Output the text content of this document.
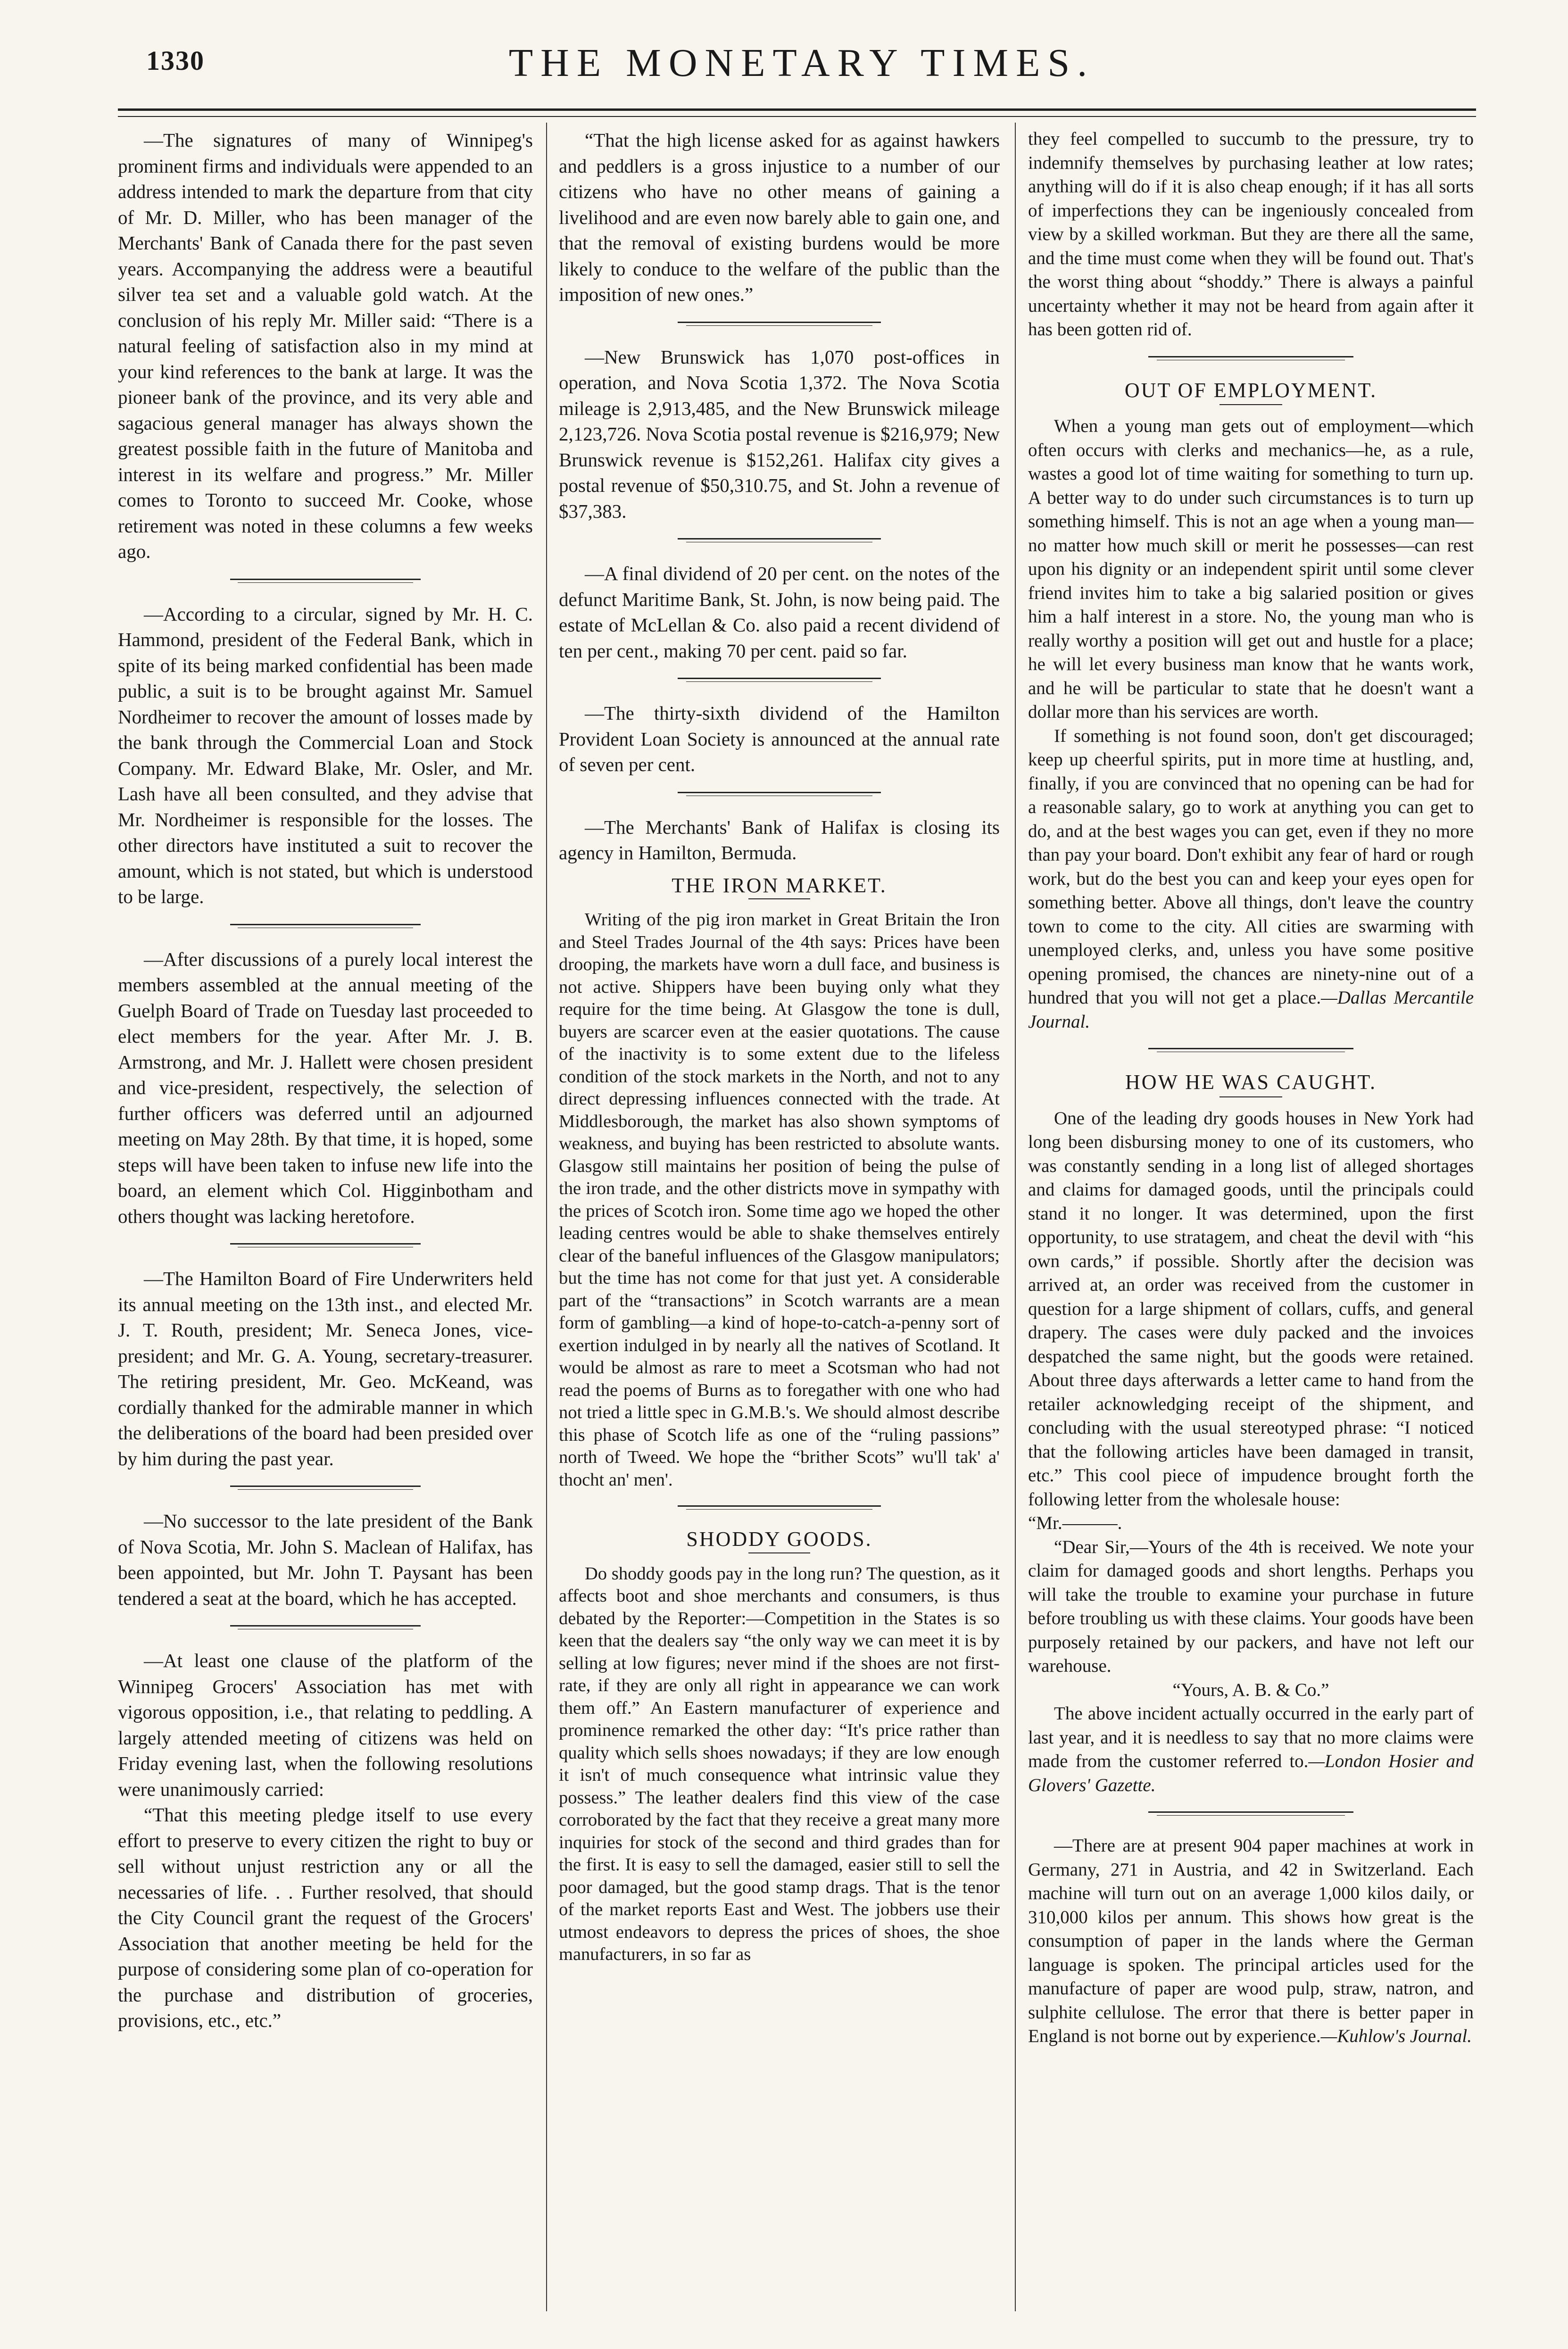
1330	THE MONETARY TIMES.

—The signatures of many of Winnipeg's prominent firms and individuals were appended to an address intended to mark the departure from that city of Mr. D. Miller, who has been manager of the Merchants' Bank of Canada there for the past seven years. Accompanying the address were a beautiful silver tea set and a valuable gold watch. At the conclusion of his reply Mr. Miller said: “There is a natural feeling of satisfaction also in my mind at your kind references to the bank at large. It was the pioneer bank of the province, and its very able and sagacious general manager has always shown the greatest possible faith in the future of Manitoba and interest in its welfare and progress.” Mr. Miller comes to Toronto to succeed Mr. Cooke, whose retirement was noted in these columns a few weeks ago.

—According to a circular, signed by Mr. H. C. Hammond, president of the Federal Bank, which in spite of its being marked confidential has been made public, a suit is to be brought against Mr. Samuel Nordheimer to recover the amount of losses made by the bank through the Commercial Loan and Stock Company. Mr. Edward Blake, Mr. Osler, and Mr. Lash have all been consulted, and they advise that Mr. Nordheimer is responsible for the losses. The other directors have instituted a suit to recover the amount, which is not stated, but which is understood to be large.

—After discussions of a purely local interest the members assembled at the annual meeting of the Guelph Board of Trade on Tuesday last proceeded to elect members for the year. After Mr. J. B. Armstrong, and Mr. J. Hallett were chosen president and vice-president, respectively, the selection of further officers was deferred until an adjourned meeting on May 28th. By that time, it is hoped, some steps will have been taken to infuse new life into the board, an element which Col. Higginbotham and others thought was lacking heretofore.

—The Hamilton Board of Fire Underwriters held its annual meeting on the 13th inst., and elected Mr. J. T. Routh, president; Mr. Seneca Jones, vice-president; and Mr. G. A. Young, secretary-treasurer. The retiring president, Mr. Geo. McKeand, was cordially thanked for the admirable manner in which the deliberations of the board had been presided over by him during the past year.

—No successor to the late president of the Bank of Nova Scotia, Mr. John S. Maclean of Halifax, has been appointed, but Mr. John T. Paysant has been tendered a seat at the board, which he has accepted.

—At least one clause of the platform of the Winnipeg Grocers' Association has met with vigorous opposition, i.e., that relating to peddling. A largely attended meeting of citizens was held on Friday evening last, when the following resolutions were unanimously carried:

“That this meeting pledge itself to use every effort to preserve to every citizen the right to buy or sell without unjust restriction any or all the necessaries of life. . . Further resolved, that should the City Council grant the request of the Grocers' Association that another meeting be held for the purpose of considering some plan of co-operation for the purchase and distribution of groceries, provisions, etc., etc.”

“That the high license asked for as against hawkers and peddlers is a gross injustice to a number of our citizens who have no other means of gaining a livelihood and are even now barely able to gain one, and that the removal of existing burdens would be more likely to conduce to the welfare of the public than the imposition of new ones.”

—New Brunswick has 1,070 post-offices in operation, and Nova Scotia 1,372. The Nova Scotia mileage is 2,913,485, and the New Brunswick mileage 2,123,726. Nova Scotia postal revenue is $216,979; New Brunswick revenue is $152,261. Halifax city gives a postal revenue of $50,310.75, and St. John a revenue of $37,383.

—A final dividend of 20 per cent. on the notes of the defunct Maritime Bank, St. John, is now being paid. The estate of McLellan & Co. also paid a recent dividend of ten per cent., making 70 per cent. paid so far.

—The thirty-sixth dividend of the Hamilton Provident Loan Society is announced at the annual rate of seven per cent.

—The Merchants' Bank of Halifax is closing its agency in Hamilton, Bermuda.

THE IRON MARKET.

Writing of the pig iron market in Great Britain the Iron and Steel Trades Journal of the 4th says: Prices have been drooping, the markets have worn a dull face, and business is not active. Shippers have been buying only what they require for the time being. At Glasgow the tone is dull, buyers are scarcer even at the easier quotations. The cause of the inactivity is to some extent due to the lifeless condition of the stock markets in the North, and not to any direct depressing influences connected with the trade. At Middlesborough, the market has also shown symptoms of weakness, and buying has been restricted to absolute wants. Glasgow still maintains her position of being the pulse of the iron trade, and the other districts move in sympathy with the prices of Scotch iron. Some time ago we hoped the other leading centres would be able to shake themselves entirely clear of the baneful influences of the Glasgow manipulators; but the time has not come for that just yet. A considerable part of the “transactions” in Scotch warrants are a mean form of gambling—a kind of hope-to-catch-a-penny sort of exertion indulged in by nearly all the natives of Scotland. It would be almost as rare to meet a Scotsman who had not read the poems of Burns as to foregather with one who had not tried a little spec in G.M.B.'s. We should almost describe this phase of Scotch life as one of the “ruling passions” north of Tweed. We hope the “brither Scots” wu'll tak' a' thocht an' men'.

SHODDY GOODS.

Do shoddy goods pay in the long run? The question, as it affects boot and shoe merchants and consumers, is thus debated by the Reporter:—Competition in the States is so keen that the dealers say “the only way we can meet it is by selling at low figures; never mind if the shoes are not first-rate, if they are only all right in appearance we can work them off.” An Eastern manufacturer of experience and prominence remarked the other day: “It's price rather than quality which sells shoes nowadays; if they are low enough it isn't of much consequence what intrinsic value they possess.” The leather dealers find this view of the case corroborated by the fact that they receive a great many more inquiries for stock of the second and third grades than for the first. It is easy to sell the damaged, easier still to sell the poor damaged, but the good stamp drags. That is the tenor of the market reports East and West. The jobbers use their utmost endeavors to depress the prices of shoes, the shoe manufacturers, in so far as

they feel compelled to succumb to the pressure, try to indemnify themselves by purchasing leather at low rates; anything will do if it is also cheap enough; if it has all sorts of imperfections they can be ingeniously concealed from view by a skilled workman. But they are there all the same, and the time must come when they will be found out. That's the worst thing about “shoddy.” There is always a painful uncertainty whether it may not be heard from again after it has been gotten rid of.

OUT OF EMPLOYMENT.

When a young man gets out of employment—which often occurs with clerks and mechanics—he, as a rule, wastes a good lot of time waiting for something to turn up. A better way to do under such circumstances is to turn up something himself. This is not an age when a young man—no matter how much skill or merit he possesses—can rest upon his dignity or an independent spirit until some clever friend invites him to take a big salaried position or gives him a half interest in a store. No, the young man who is really worthy a position will get out and hustle for a place; he will let every business man know that he wants work, and he will be particular to state that he doesn't want a dollar more than his services are worth.

If something is not found soon, don't get discouraged; keep up cheerful spirits, put in more time at hustling, and, finally, if you are convinced that no opening can be had for a reasonable salary, go to work at anything you can get to do, and at the best wages you can get, even if they no more than pay your board. Don't exhibit any fear of hard or rough work, but do the best you can and keep your eyes open for something better. Above all things, don't leave the country town to come to the city. All cities are swarming with unemployed clerks, and, unless you have some positive opening promised, the chances are ninety-nine out of a hundred that you will not get a place.—Dallas Mercantile Journal.

HOW HE WAS CAUGHT.

One of the leading dry goods houses in New York had long been disbursing money to one of its customers, who was constantly sending in a long list of alleged shortages and claims for damaged goods, until the principals could stand it no longer. It was determined, upon the first opportunity, to use stratagem, and cheat the devil with “his own cards,” if possible. Shortly after the decision was arrived at, an order was received from the customer in question for a large shipment of collars, cuffs, and general drapery. The cases were duly packed and the invoices despatched the same night, but the goods were retained. About three days afterwards a letter came to hand from the retailer acknowledging receipt of the shipment, and concluding with the usual stereotyped phrase: “I noticed that the following articles have been damaged in transit, etc.” This cool piece of impudence brought forth the following letter from the wholesale house:

“Mr.———.

“Dear Sir,—Yours of the 4th is received. We note your claim for damaged goods and short lengths. Perhaps you will take the trouble to examine your purchase in future before troubling us with these claims. Your goods have been purposely retained by our packers, and have not left our warehouse.

“Yours, A. B. & Co.”

The above incident actually occurred in the early part of last year, and it is needless to say that no more claims were made from the customer referred to.—London Hosier and Glovers' Gazette.

—There are at present 904 paper machines at work in Germany, 271 in Austria, and 42 in Switzerland. Each machine will turn out on an average 1,000 kilos daily, or 310,000 kilos per annum. This shows how great is the consumption of paper in the lands where the German language is spoken. The principal articles used for the manufacture of paper are wood pulp, straw, natron, and sulphite cellulose. The error that there is better paper in England is not borne out by experience.—Kuhlow's Journal.
